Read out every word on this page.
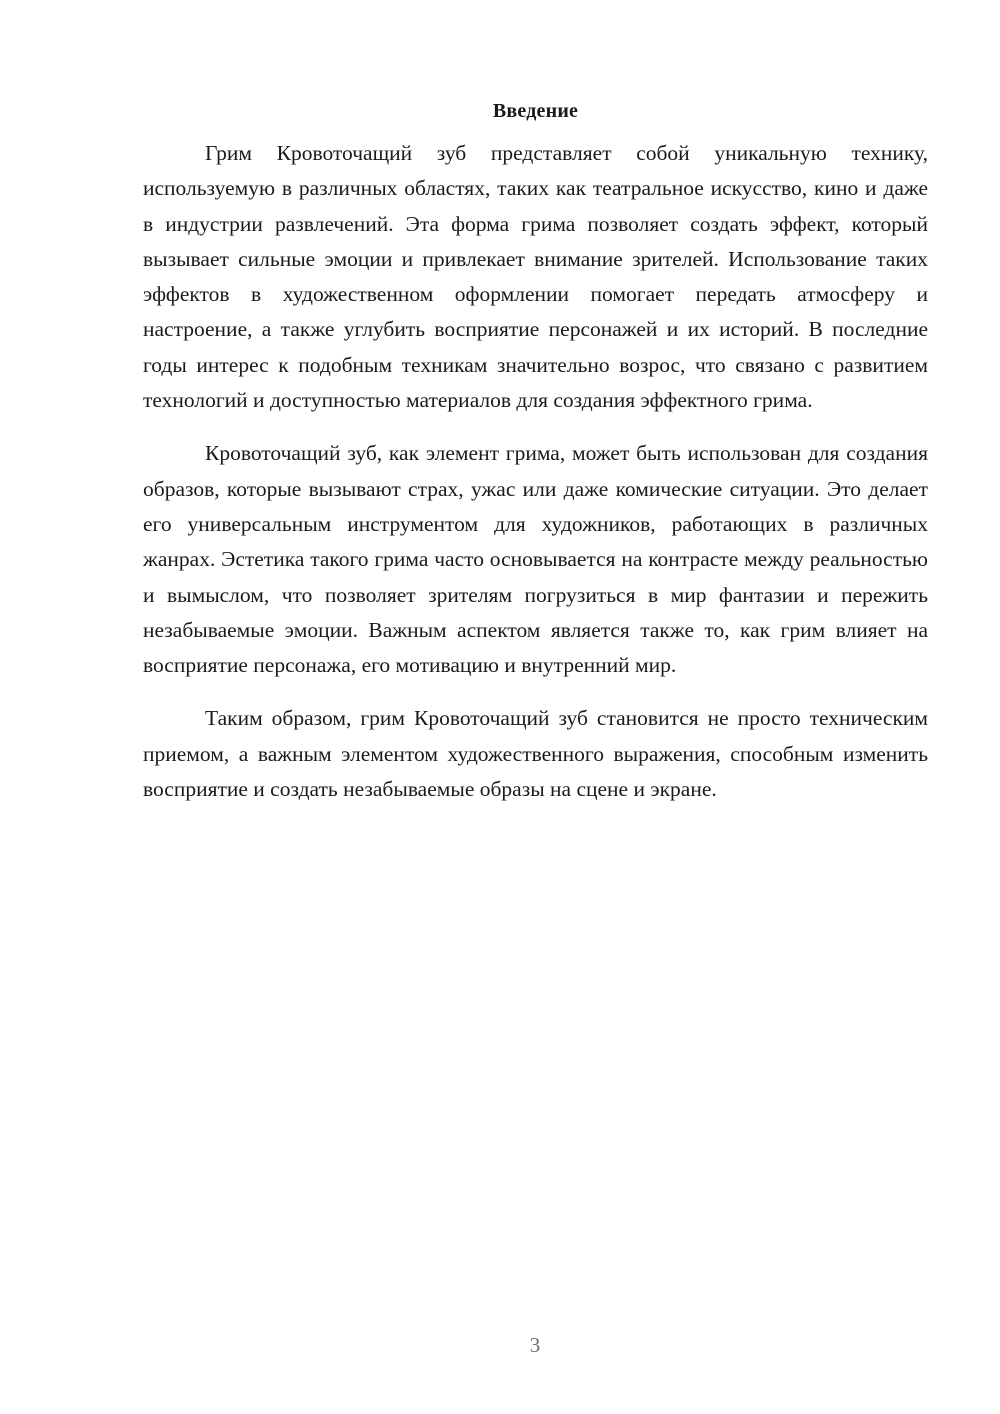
Введение

Грим Кровоточащий зуб представляет собой уникальную технику, используемую в различных областях, таких как театральное искусство, кино и даже в индустрии развлечений. Эта форма грима позволяет создать эффект, который вызывает сильные эмоции и привлекает внимание зрителей. Использование таких эффектов в художественном оформлении помогает передать атмосферу и настроение, а также углубить восприятие персонажей и их историй. В последние годы интерес к подобным техникам значительно возрос, что связано с развитием технологий и доступностью материалов для создания эффектного грима.

Кровоточащий зуб, как элемент грима, может быть использован для создания образов, которые вызывают страх, ужас или даже комические ситуации. Это делает его универсальным инструментом для художников, работающих в различных жанрах. Эстетика такого грима часто основывается на контрасте между реальностью и вымыслом, что позволяет зрителям погрузиться в мир фантазии и пережить незабываемые эмоции. Важным аспектом является также то, как грим влияет на восприятие персонажа, его мотивацию и внутренний мир.

Таким образом, грим Кровоточащий зуб становится не просто техническим приемом, а важным элементом художественного выражения, способным изменить восприятие и создать незабываемые образы на сцене и экране.

3
